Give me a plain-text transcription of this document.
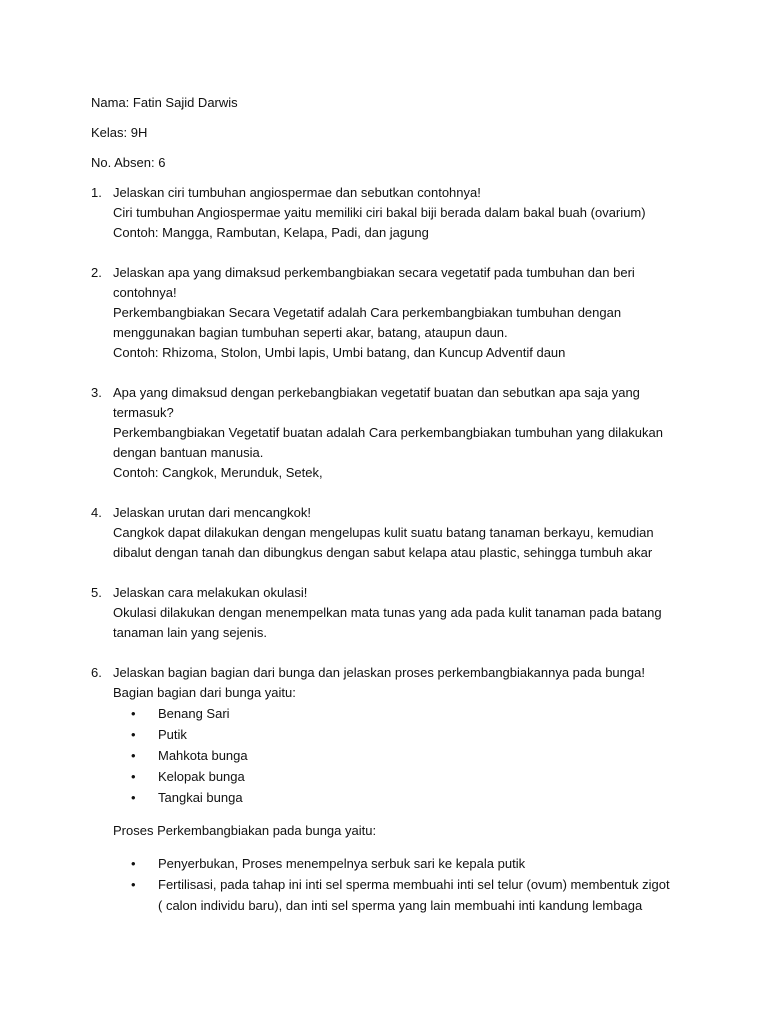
Nama: Fatin Sajid Darwis
Kelas: 9H
No. Absen: 6
1. Jelaskan ciri tumbuhan angiospermae dan sebutkan contohnya!
Ciri tumbuhan Angiospermae yaitu memiliki ciri bakal biji berada dalam bakal buah (ovarium)
Contoh: Mangga, Rambutan, Kelapa, Padi, dan jagung
2. Jelaskan apa yang dimaksud perkembangbiakan secara vegetatif pada tumbuhan dan beri
contohnya!
Perkembangbiakan Secara Vegetatif adalah Cara perkembangbiakan tumbuhan dengan
menggunakan bagian tumbuhan seperti akar, batang, ataupun daun.
Contoh: Rhizoma, Stolon, Umbi lapis, Umbi batang, dan Kuncup Adventif daun
3. Apa yang dimaksud dengan perkebangbiakan vegetatif buatan dan sebutkan apa saja yang
termasuk?
Perkembangbiakan Vegetatif buatan adalah Cara perkembangbiakan tumbuhan yang dilakukan
dengan bantuan manusia.
Contoh: Cangkok, Merunduk, Setek,
4. Jelaskan urutan dari mencangkok!
Cangkok dapat dilakukan dengan mengelupas kulit suatu batang tanaman berkayu, kemudian
dibalut dengan tanah dan dibungkus dengan sabut kelapa atau plastic, sehingga tumbuh akar
5. Jelaskan cara melakukan okulasi!
Okulasi dilakukan dengan menempelkan mata tunas yang ada pada kulit tanaman pada batang
tanaman lain yang sejenis.
6. Jelaskan bagian bagian dari bunga dan jelaskan proses perkembangbiakannya pada bunga!
Bagian bagian dari bunga yaitu:
• Benang Sari
• Putik
• Mahkota bunga
• Kelopak bunga
• Tangkai bunga
Proses Perkembangbiakan pada bunga yaitu:
• Penyerbukan, Proses menempelnya serbuk sari ke kepala putik
• Fertilisasi, pada tahap ini inti sel sperma membuahi inti sel telur (ovum) membentuk zigot
( calon individu baru), dan inti sel sperma yang lain membuahi inti kandung lembaga
